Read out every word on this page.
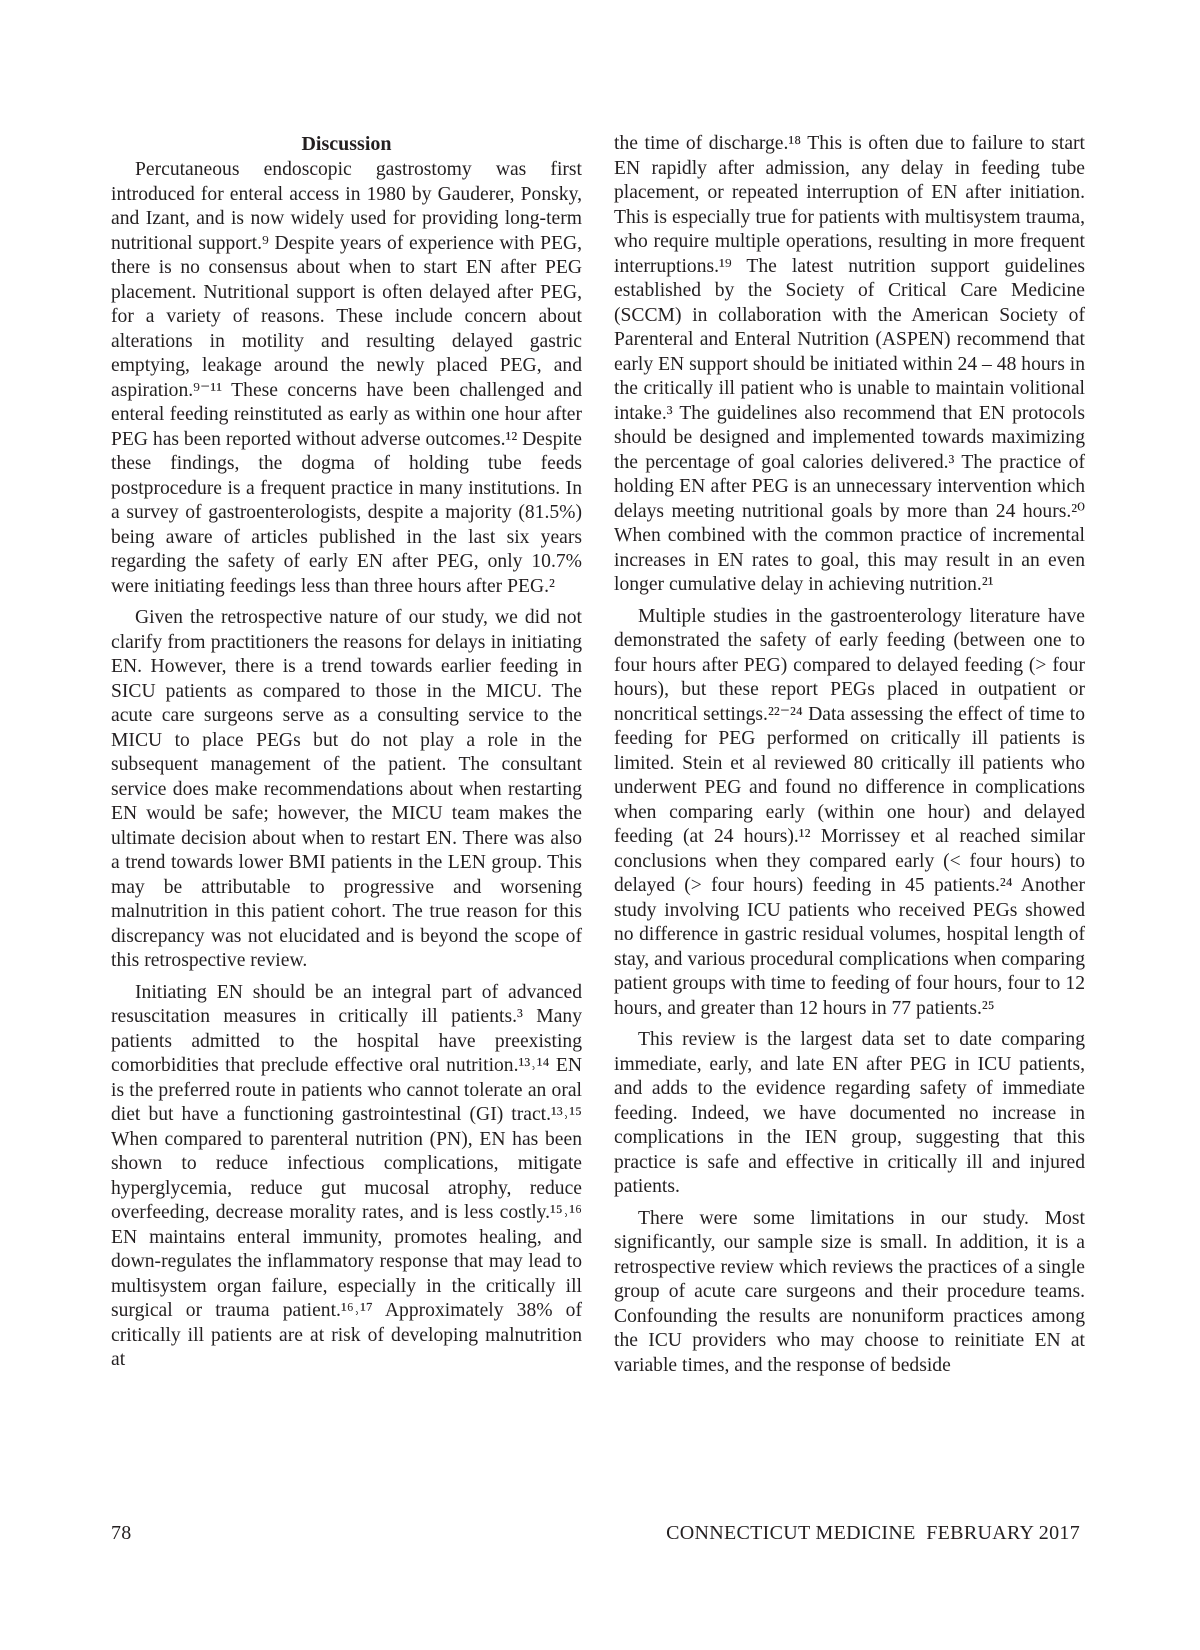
Discussion

Percutaneous endoscopic gastrostomy was first introduced for enteral access in 1980 by Gauderer, Ponsky, and Izant, and is now widely used for providing long-term nutritional support.⁹ Despite years of experience with PEG, there is no consensus about when to start EN after PEG placement. Nutritional support is often delayed after PEG, for a variety of reasons. These include concern about alterations in motility and resulting delayed gastric emptying, leakage around the newly placed PEG, and aspiration.⁹⁻¹¹ These concerns have been challenged and enteral feeding reinstituted as early as within one hour after PEG has been reported without adverse outcomes.¹² Despite these findings, the dogma of holding tube feeds postprocedure is a frequent practice in many institutions. In a survey of gastroenterologists, despite a majority (81.5%) being aware of articles published in the last six years regarding the safety of early EN after PEG, only 10.7% were initiating feedings less than three hours after PEG.²

Given the retrospective nature of our study, we did not clarify from practitioners the reasons for delays in initiating EN. However, there is a trend towards earlier feeding in SICU patients as compared to those in the MICU. The acute care surgeons serve as a consulting service to the MICU to place PEGs but do not play a role in the subsequent management of the patient. The consultant service does make recommendations about when restarting EN would be safe; however, the MICU team makes the ultimate decision about when to restart EN. There was also a trend towards lower BMI patients in the LEN group. This may be attributable to progressive and worsening malnutrition in this patient cohort. The true reason for this discrepancy was not elucidated and is beyond the scope of this retrospective review.

Initiating EN should be an integral part of advanced resuscitation measures in critically ill patients.³ Many patients admitted to the hospital have preexisting comorbidities that preclude effective oral nutrition.¹³˒¹⁴ EN is the preferred route in patients who cannot tolerate an oral diet but have a functioning gastrointestinal (GI) tract.¹³˒¹⁵ When compared to parenteral nutrition (PN), EN has been shown to reduce infectious complications, mitigate hyperglycemia, reduce gut mucosal atrophy, reduce overfeeding, decrease morality rates, and is less costly.¹⁵˒¹⁶ EN maintains enteral immunity, promotes healing, and down-regulates the inflammatory response that may lead to multisystem organ failure, especially in the critically ill surgical or trauma patient.¹⁶˒¹⁷ Approximately 38% of critically ill patients are at risk of developing malnutrition at

the time of discharge.¹⁸ This is often due to failure to start EN rapidly after admission, any delay in feeding tube placement, or repeated interruption of EN after initiation. This is especially true for patients with multisystem trauma, who require multiple operations, resulting in more frequent interruptions.¹⁹ The latest nutrition support guidelines established by the Society of Critical Care Medicine (SCCM) in collaboration with the American Society of Parenteral and Enteral Nutrition (ASPEN) recommend that early EN support should be initiated within 24 – 48 hours in the critically ill patient who is unable to maintain volitional intake.³ The guidelines also recommend that EN protocols should be designed and implemented towards maximizing the percentage of goal calories delivered.³ The practice of holding EN after PEG is an unnecessary intervention which delays meeting nutritional goals by more than 24 hours.²⁰ When combined with the common practice of incremental increases in EN rates to goal, this may result in an even longer cumulative delay in achieving nutrition.²¹

Multiple studies in the gastroenterology literature have demonstrated the safety of early feeding (between one to four hours after PEG) compared to delayed feeding (> four hours), but these report PEGs placed in outpatient or noncritical settings.²²⁻²⁴ Data assessing the effect of time to feeding for PEG performed on critically ill patients is limited. Stein et al reviewed 80 critically ill patients who underwent PEG and found no difference in complications when comparing early (within one hour) and delayed feeding (at 24 hours).¹² Morrissey et al reached similar conclusions when they compared early (< four hours) to delayed (> four hours) feeding in 45 patients.²⁴ Another study involving ICU patients who received PEGs showed no difference in gastric residual volumes, hospital length of stay, and various procedural complications when comparing patient groups with time to feeding of four hours, four to 12 hours, and greater than 12 hours in 77 patients.²⁵

This review is the largest data set to date comparing immediate, early, and late EN after PEG in ICU patients, and adds to the evidence regarding safety of immediate feeding. Indeed, we have documented no increase in complications in the IEN group, suggesting that this practice is safe and effective in critically ill and injured patients.

There were some limitations in our study. Most significantly, our sample size is small. In addition, it is a retrospective review which reviews the practices of a single group of acute care surgeons and their procedure teams. Confounding the results are nonuniform practices among the ICU providers who may choose to reinitiate EN at variable times, and the response of bedside

78	CONNECTICUT MEDICINE  FEBRUARY 2017
